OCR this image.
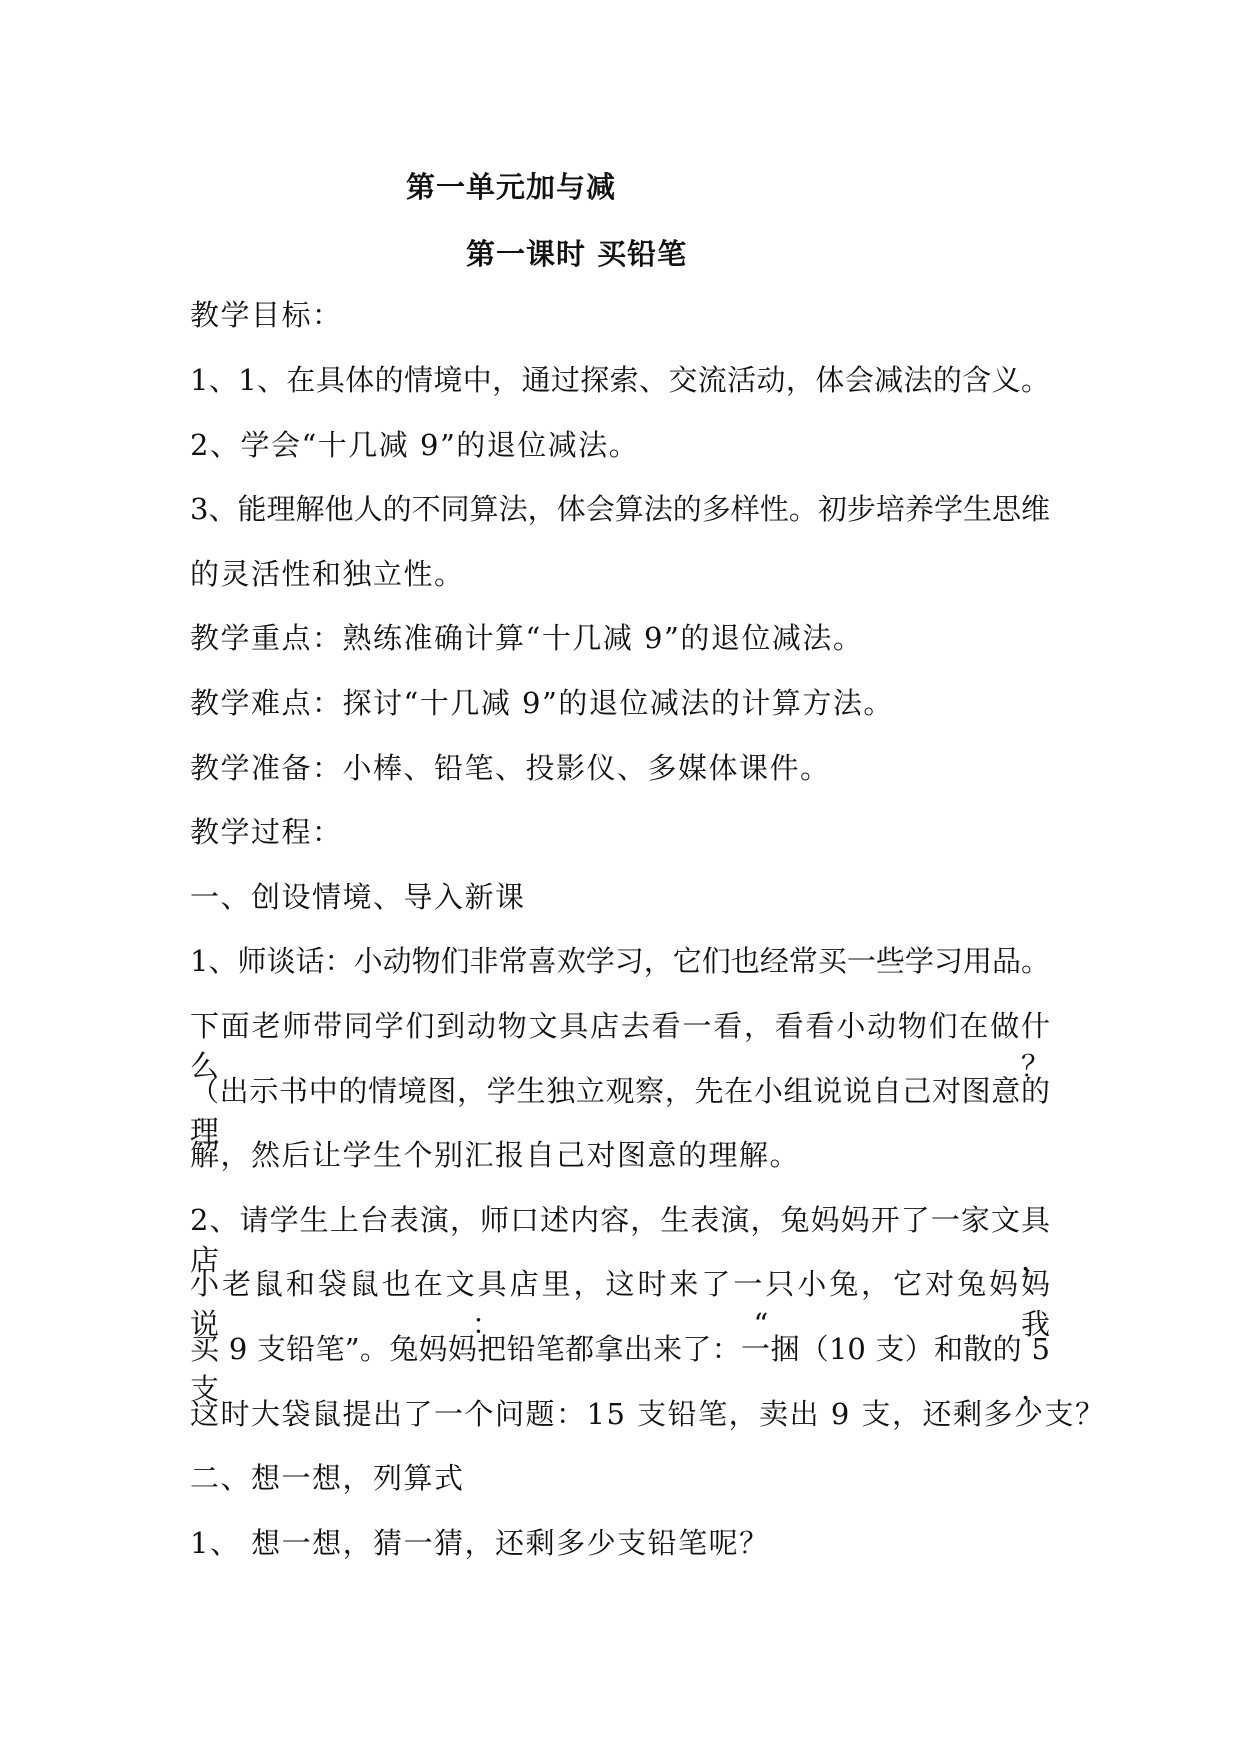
第一单元加与减
第一课时 买铅笔
教学目标：
1、1、在具体的情境中，通过探索、交流活动，体会减法的含义。
2、学会“十几减 9”的退位减法。
3、能理解他人的不同算法，体会算法的多样性。初步培养学生思维
的灵活性和独立性。
教学重点：熟练准确计算“十几减 9”的退位减法。
教学难点：探讨“十几减 9”的退位减法的计算方法。
教学准备：小棒、铅笔、投影仪、多媒体课件。
教学过程：
一、创设情境、导入新课
1、师谈话：小动物们非常喜欢学习，它们也经常买一些学习用品。
下面老师带同学们到动物文具店去看一看，看看小动物们在做什么？
（出示书中的情境图，学生独立观察，先在小组说说自己对图意的理
解，然后让学生个别汇报自己对图意的理解。
2、请学生上台表演，师口述内容，生表演，兔妈妈开了一家文具店，
小老鼠和袋鼠也在文具店里，这时来了一只小兔，它对兔妈妈说：“我
买 9 支铅笔”。兔妈妈把铅笔都拿出来了：一捆（10 支）和散的 5 支，
这时大袋鼠提出了一个问题：15 支铅笔，卖出 9 支，还剩多少支？
二、想一想，列算式
1、 想一想，猜一猜，还剩多少支铅笔呢？
